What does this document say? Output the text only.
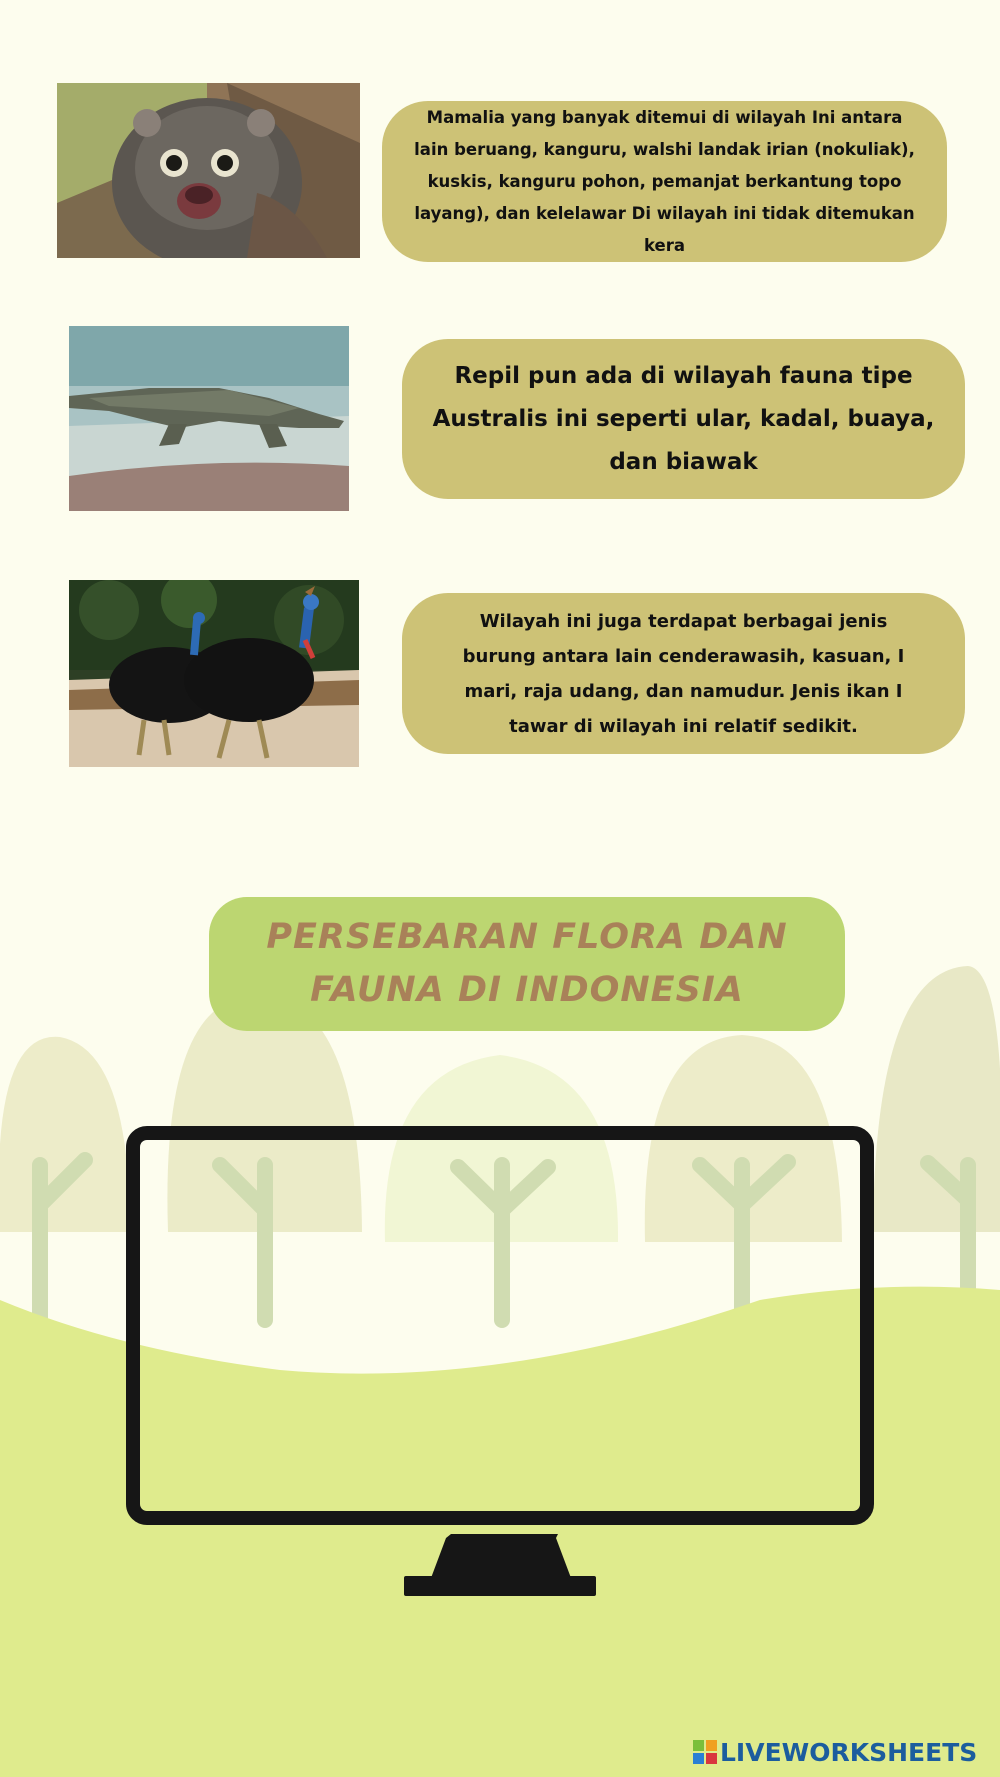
Mamalia yang banyak ditemui di wilayah Ini antara lain beruang, kanguru, walshi landak irian (nokuliak), kuskis, kanguru pohon, pemanjat berkantung topo layang), dan kelelawar Di wilayah ini tidak ditemukan kera
Repil pun ada di wilayah fauna tipe Australis ini seperti ular, kadal, buaya, dan biawak
Wilayah ini juga terdapat berbagai jenis burung antara lain cenderawasih, kasuan, I mari, raja udang, dan namudur. Jenis ikan I tawar di wilayah ini relatif sedikit.
PERSEBARAN FLORA DAN
FAUNA DI INDONESIA
LIVEWORKSHEETS
